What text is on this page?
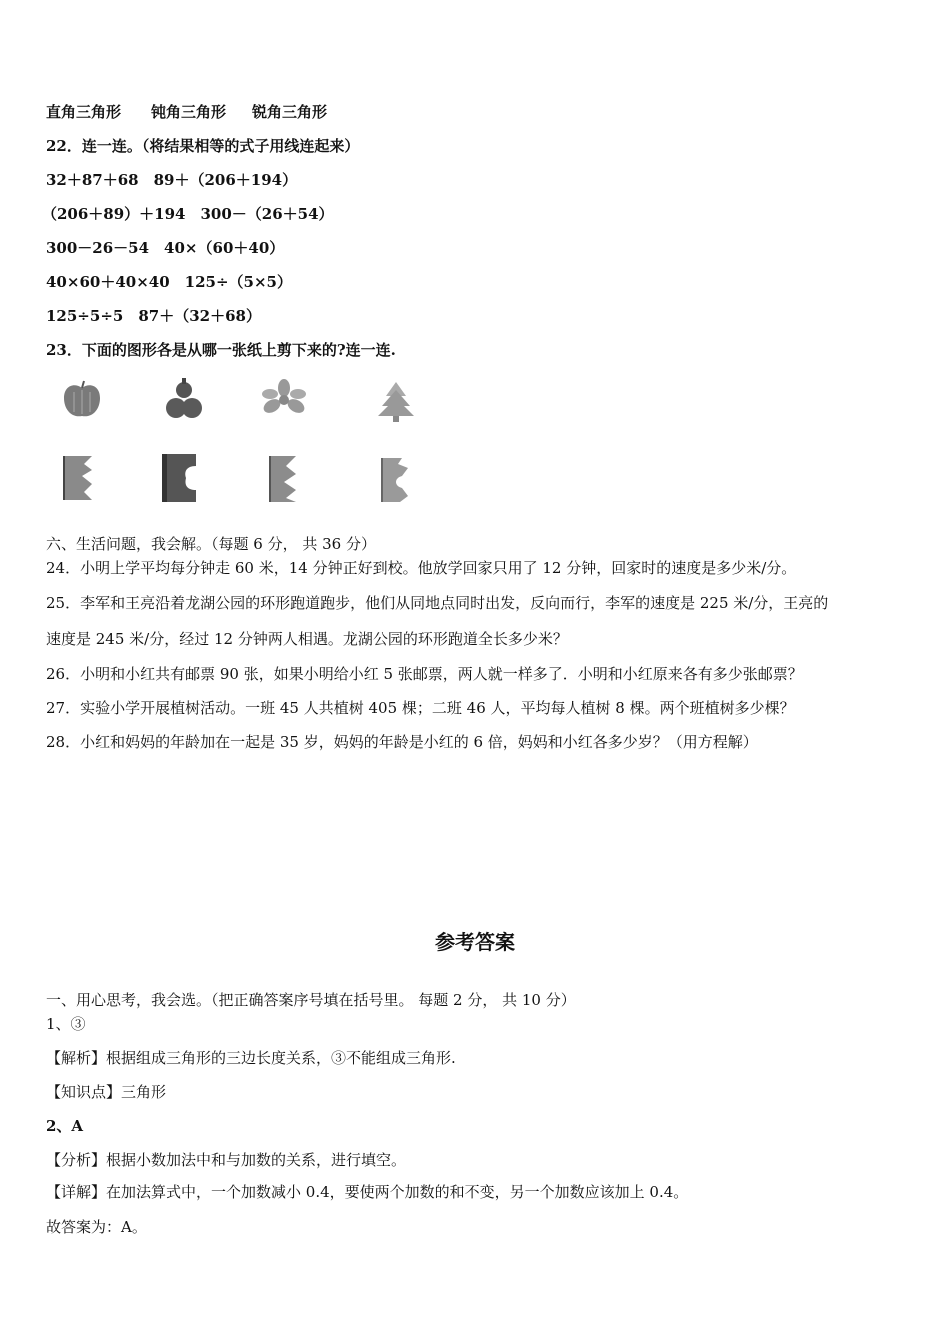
直角三角形 钝角三角形 锐角三角形
22．连一连。（将结果相等的式子用线连起来）
32＋87＋68　89＋（206＋194）
（206＋89）＋194　300－（26＋54）
300－26－54　40×（60＋40）
40×60＋40×40　125÷（5×5）
125÷5÷5　87＋（32＋68）
23．下面的图形各是从哪一张纸上剪下来的?连一连.
六、生活问题，我会解。（每题 6 分， 共 36 分）
24．小明上学平均每分钟走 60 米，14 分钟正好到校。他放学回家只用了 12 分钟，回家时的速度是多少米/分。
25．李军和王亮沿着龙湖公园的环形跑道跑步，他们从同地点同时出发，反向而行，李军的速度是 225 米/分，王亮的
速度是 245 米/分，经过 12 分钟两人相遇。龙湖公园的环形跑道全长多少米？
26．小明和小红共有邮票 90 张，如果小明给小红 5 张邮票，两人就一样多了．小明和小红原来各有多少张邮票？
27．实验小学开展植树活动。一班 45 人共植树 405 棵；二班 46 人，平均每人植树 8 棵。两个班植树多少棵？
28．小红和妈妈的年龄加在一起是 35 岁，妈妈的年龄是小红的 6 倍，妈妈和小红各多少岁？（用方程解）
参考答案
一、用心思考，我会选。（把正确答案序号填在括号里。 每题 2 分， 共 10 分）
1、③
【解析】根据组成三角形的三边长度关系，③不能组成三角形.
【知识点】三角形
2、A
【分析】根据小数加法中和与加数的关系，进行填空。
【详解】在加法算式中，一个加数减小 0.4，要使两个加数的和不变，另一个加数应该加上 0.4。
故答案为：A。
